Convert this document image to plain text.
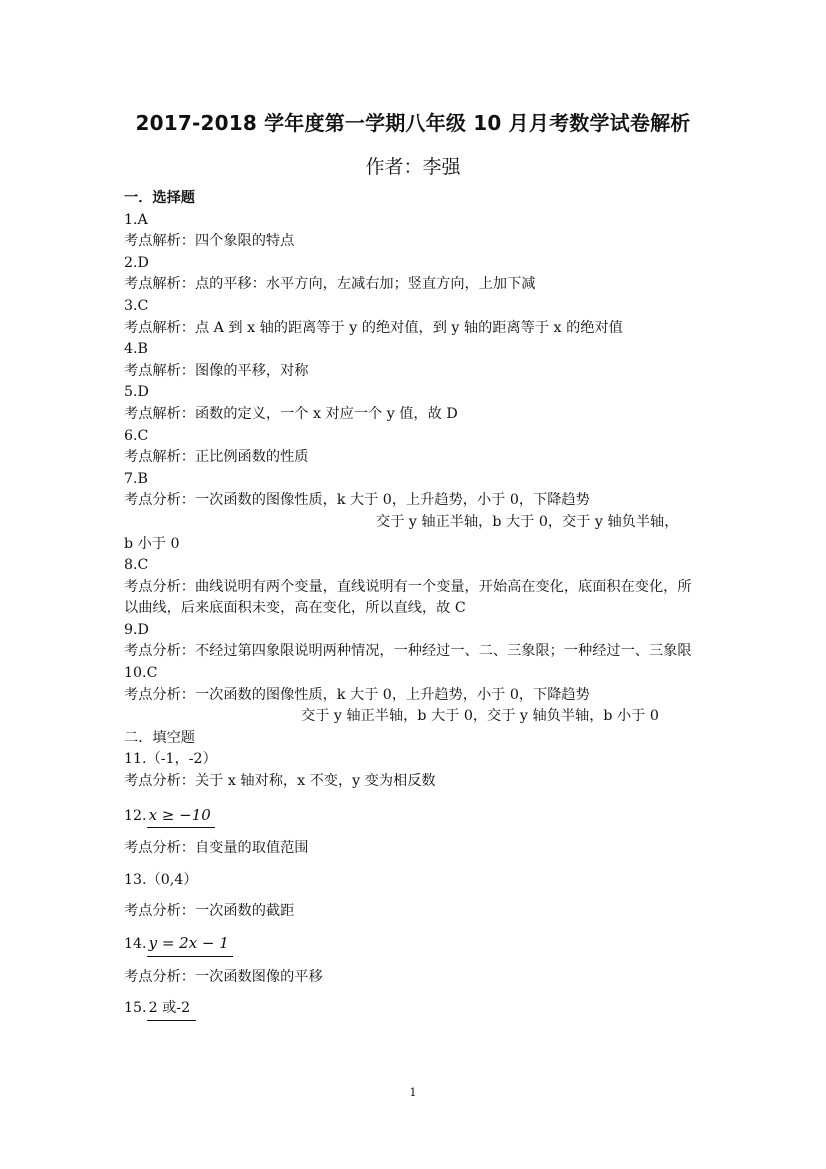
2017-2018 学年度第一学期八年级 10 月月考数学试卷解析
作者：李强
一．选择题
1.A
考点解析：四个象限的特点
2.D
考点解析：点的平移：水平方向，左减右加；竖直方向，上加下减
3.C
考点解析：点 A 到 x 轴的距离等于 y 的绝对值，到 y 轴的距离等于 x 的绝对值
4.B
考点解析：图像的平移，对称
5.D
考点解析：函数的定义，一个 x 对应一个 y 值，故 D
6.C
考点解析：正比例函数的性质
7.B
考点分析：一次函数的图像性质，k 大于 0，上升趋势，小于 0，下降趋势
交于 y 轴正半轴，b 大于 0，交于 y 轴负半轴，
b 小于 0
8.C
考点分析：曲线说明有两个变量，直线说明有一个变量，开始高在变化，底面积在变化，所以曲线，后来底面积未变，高在变化，所以直线，故 C
9.D
考点分析：不经过第四象限说明两种情况，一种经过一、二、三象限；一种经过一、三象限
10.C
考点分析：一次函数的图像性质，k 大于 0，上升趋势，小于 0，下降趋势
交于 y 轴正半轴，b 大于 0，交于 y 轴负半轴，b 小于 0
二．填空题
11.（-1，-2）
考点分析：关于 x 轴对称，x 不变，y 变为相反数
12. x ≥ −10
考点分析：自变量的取值范围
13.（0,4）
考点分析：一次函数的截距
14. y = 2x − 1
考点分析：一次函数图像的平移
15. 2 或-2
1
